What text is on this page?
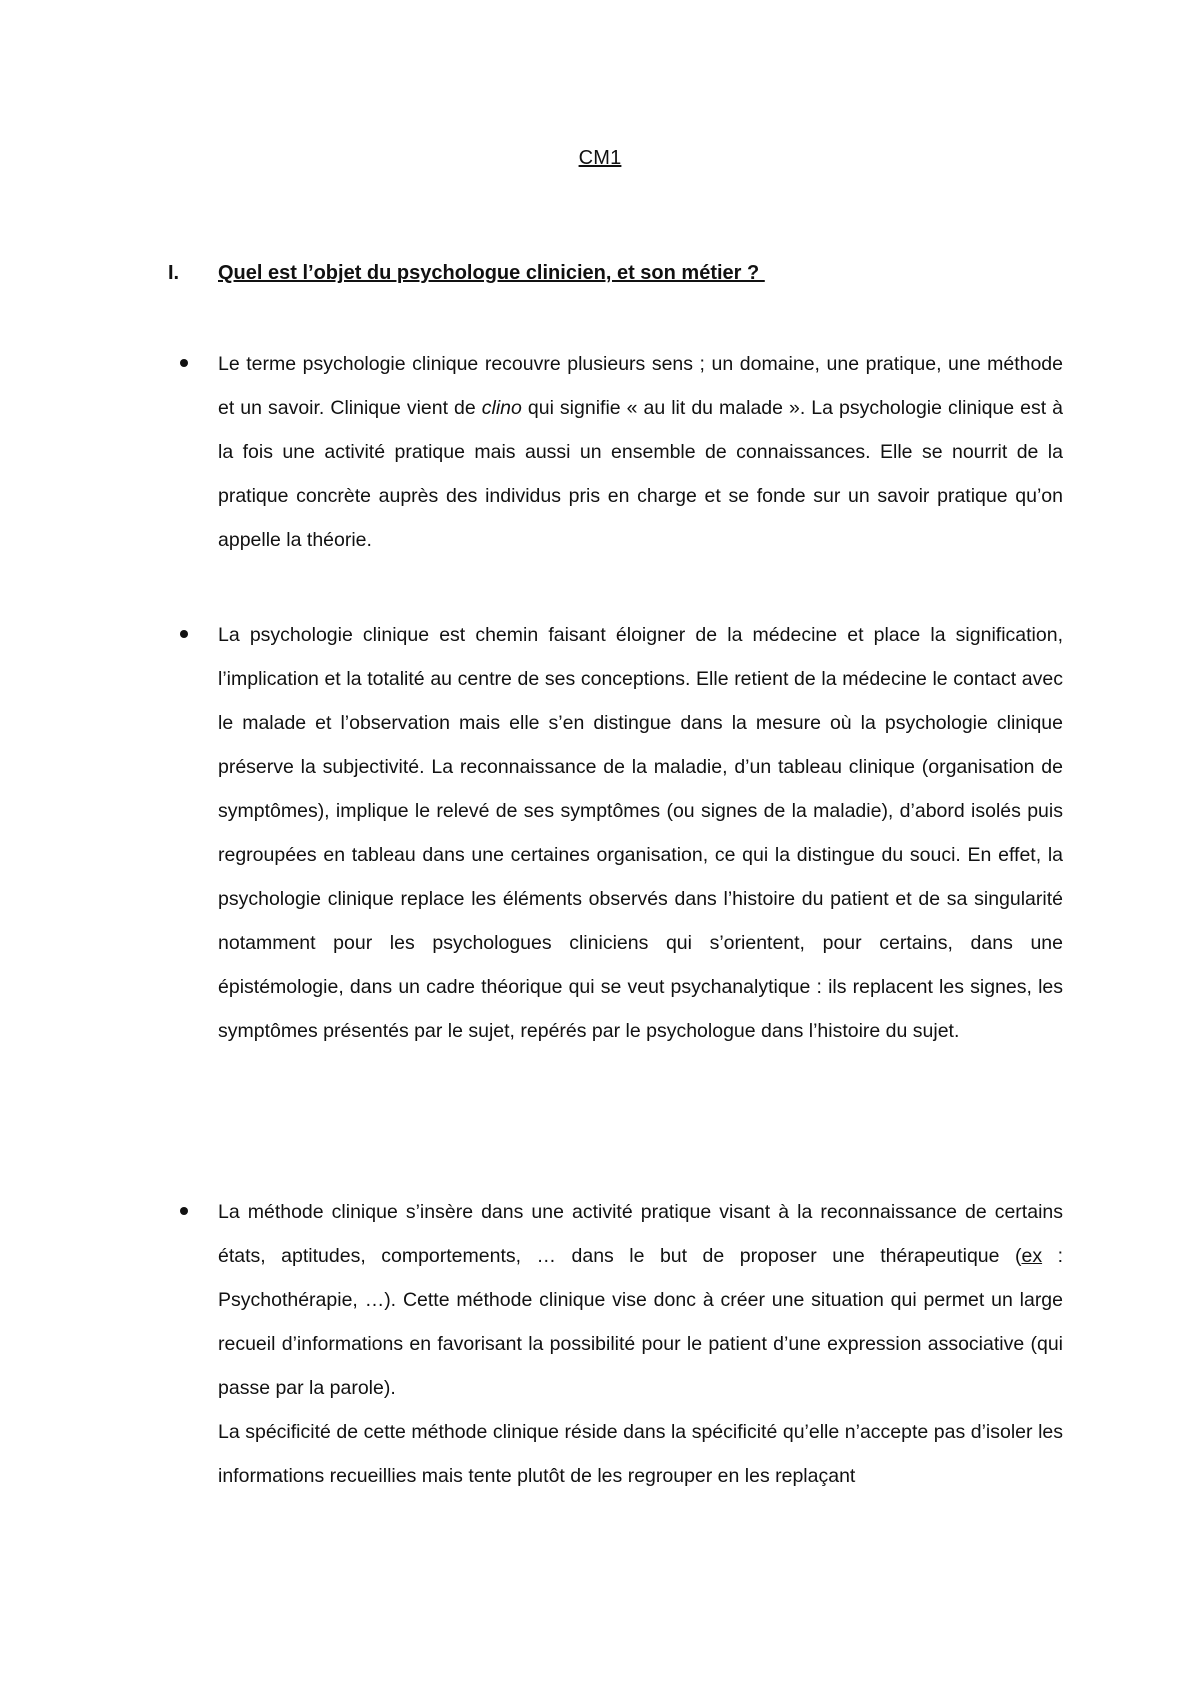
CM1
I.	Quel est l’objet du psychologue clinicien, et son métier ?

Le terme psychologie clinique recouvre plusieurs sens ; un domaine, une pratique, une méthode et un savoir. Clinique vient de clino qui signifie « au lit du malade ». La psychologie clinique est à la fois une activité pratique mais aussi un ensemble de connaissances. Elle se nourrit de la pratique concrète auprès des individus pris en charge et se fonde sur un savoir pratique qu’on appelle la théorie.

La psychologie clinique est chemin faisant éloigner de la médecine et place la signification, l’implication et la totalité au centre de ses conceptions. Elle retient de la médecine le contact avec le malade et l’observation mais elle s’en distingue dans la mesure où la psychologie clinique préserve la subjectivité. La reconnaissance de la maladie, d’un tableau clinique (organisation de symptômes), implique le relevé de ses symptômes (ou signes de la maladie), d’abord isolés puis regroupées en tableau dans une certaines organisation, ce qui la distingue du souci. En effet, la psychologie clinique replace les éléments observés dans l’histoire du patient et de sa singularité notamment pour les psychologues cliniciens qui s’orientent, pour certains, dans une épistémologie, dans un cadre théorique qui se veut psychanalytique : ils replacent les signes, les symptômes présentés par le sujet, repérés par le psychologue dans l’histoire du sujet.

La méthode clinique s’insère dans une activité pratique visant à la reconnaissance de certains états, aptitudes, comportements, … dans le but de proposer une thérapeutique (ex : Psychothérapie, …). Cette méthode clinique vise donc à créer une situation qui permet un large recueil d’informations en favorisant la possibilité pour le patient d’une expression associative (qui passe par la parole).

La spécificité de cette méthode clinique réside dans la spécificité qu’elle n’accepte pas d’isoler les informations recueillies mais tente plutôt de les regrouper en les replaçant
